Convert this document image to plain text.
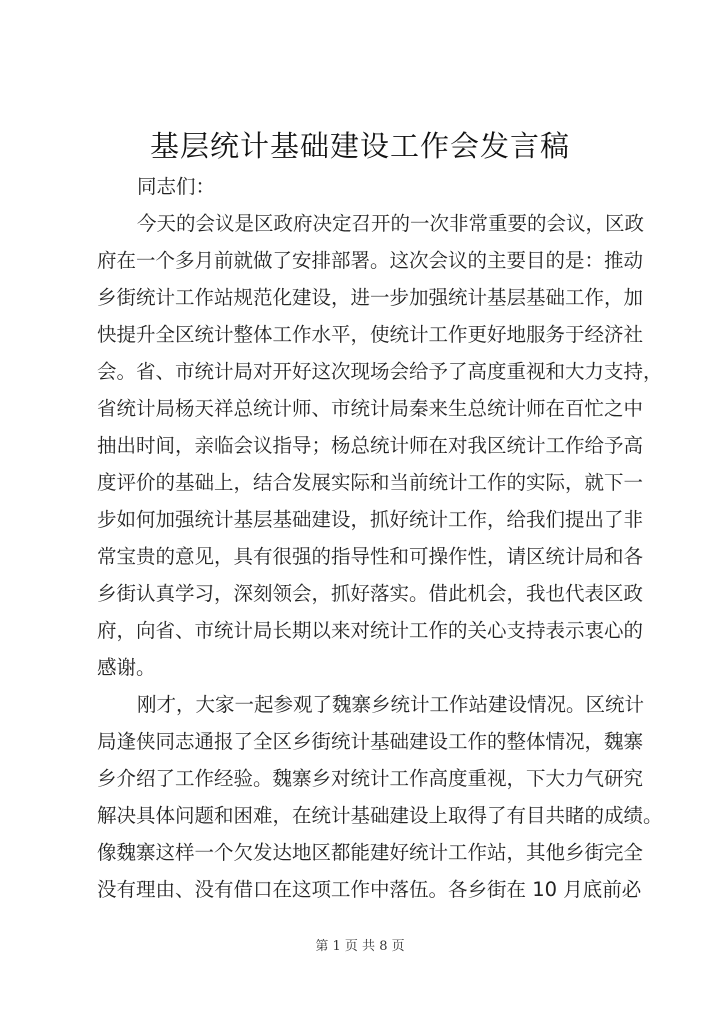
基层统计基础建设工作会发言稿
同志们：
今天的会议是区政府决定召开的一次非常重要的会议，区政
府在一个多月前就做了安排部署。这次会议的主要目的是：推动
乡街统计工作站规范化建设，进一步加强统计基层基础工作，加
快提升全区统计整体工作水平，使统计工作更好地服务于经济社
会。省、市统计局对开好这次现场会给予了高度重视和大力支持，
省统计局杨天祥总统计师、市统计局秦来生总统计师在百忙之中
抽出时间，亲临会议指导；杨总统计师在对我区统计工作给予高
度评价的基础上，结合发展实际和当前统计工作的实际，就下一
步如何加强统计基层基础建设，抓好统计工作，给我们提出了非
常宝贵的意见，具有很强的指导性和可操作性，请区统计局和各
乡街认真学习，深刻领会，抓好落实。借此机会，我也代表区政
府，向省、市统计局长期以来对统计工作的关心支持表示衷心的
感谢。
刚才，大家一起参观了魏寨乡统计工作站建设情况。区统计
局逢侠同志通报了全区乡街统计基础建设工作的整体情况，魏寨
乡介绍了工作经验。魏寨乡对统计工作高度重视，下大力气研究
解决具体问题和困难，在统计基础建设上取得了有目共睹的成绩。
像魏寨这样一个欠发达地区都能建好统计工作站，其他乡街完全
没有理由、没有借口在这项工作中落伍。各乡街在 10 月底前必
第 1 页 共 8 页
